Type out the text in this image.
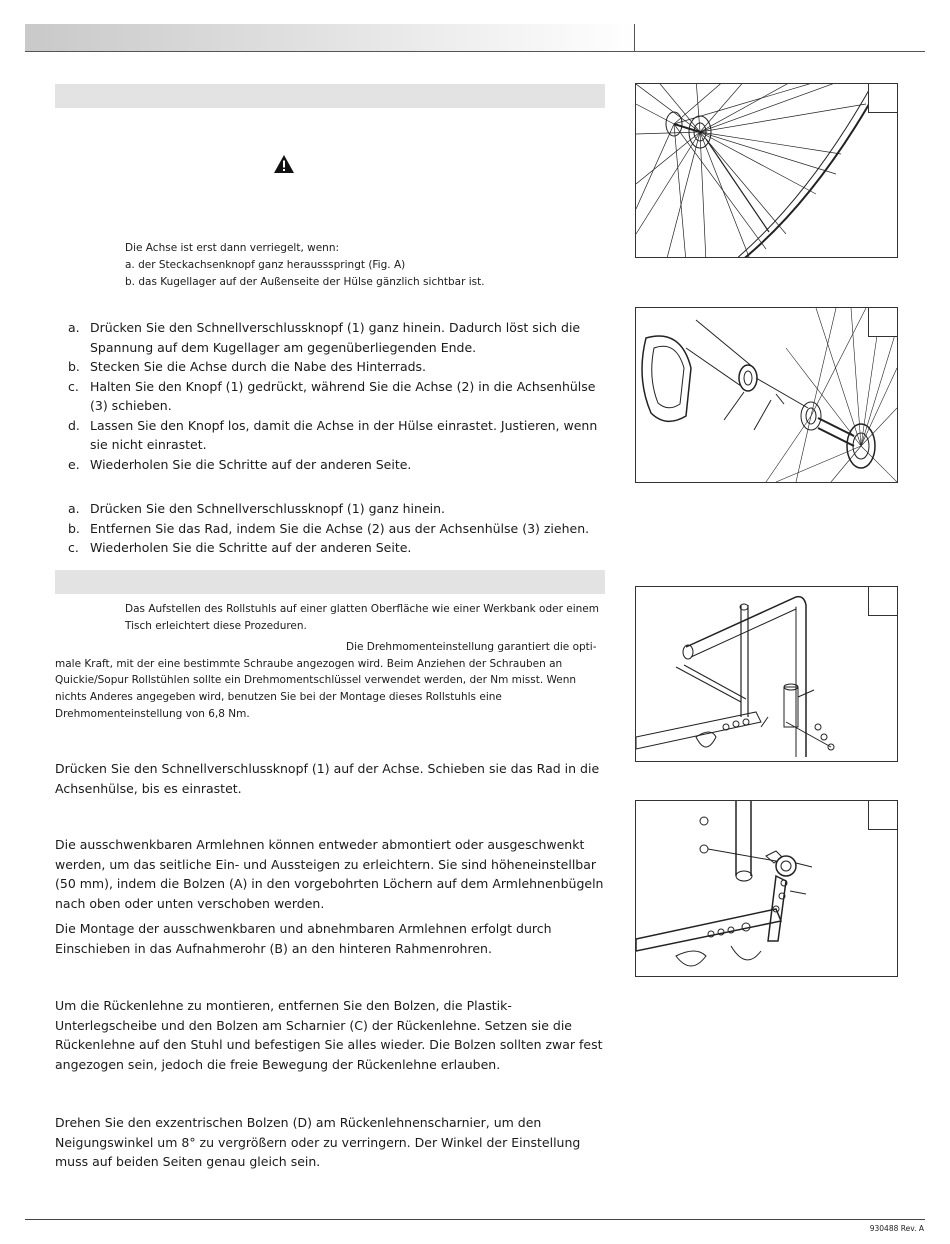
Die Achse ist erst dann verriegelt, wenn:

a. der Steckachsenknopf ganz heraussspringt (Fig. A)

b. das Kugellager auf der Außenseite der Hülse gänzlich sichtbar ist.

a. Drücken Sie den Schnellverschlussknopf (1) ganz hinein. Dadurch löst sich die Spannung auf dem Kugellager am gegenüberliegenden Ende.
b. Stecken Sie die Achse durch die Nabe des Hinterrads.
c. Halten Sie den Knopf (1) gedrückt, während Sie die Achse (2) in die Achsenhülse (3) schieben.
d. Lassen Sie den Knopf los, damit die Achse in der Hülse einrastet. Justieren, wenn sie nicht einrastet.
e. Wiederholen Sie die Schritte auf der anderen Seite.
a. Drücken Sie den Schnellverschlussknopf (1) ganz hinein.
b. Entfernen Sie das Rad, indem Sie die Achse (2) aus der Achsenhülse (3) ziehen.
c. Wiederholen Sie die Schritte auf der anderen Seite.

Das Aufstellen des Rollstuhls auf einer glatten Oberfläche wie einer Werkbank oder einem

Tisch erleichtert diese Prozeduren.

Die Drehmomenteinstellung garantiert die opti-

male Kraft, mit der eine bestimmte Schraube angezogen wird. Beim Anziehen der Schrauben an

Quickie/Sopur Rollstühlen sollte ein Drehmomentschlüssel verwendet werden, der Nm misst. Wenn

nichts Anderes angegeben wird, benutzen Sie bei der Montage dieses Rollstuhls eine

Drehmomenteinstellung von 6,8 Nm.

Drücken Sie den Schnellverschlussknopf (1) auf der Achse. Schieben sie das Rad in die Achsenhülse, bis es einrastet.

Die ausschwenkbaren Armlehnen können entweder abmontiert oder ausgeschwenkt werden, um das seitliche Ein- und Aussteigen zu erleichtern. Sie sind höheneinstellbar (50 mm), indem die Bolzen (A) in den vorgebohrten Löchern auf dem Armlehnenbügeln nach oben oder unten verschoben werden.

Die Montage der ausschwenkbaren und abnehmbaren Armlehnen erfolgt durch Einschieben in das Aufnahmerohr (B) an den hinteren Rahmenrohren.

Um die Rückenlehne zu montieren, entfernen Sie den Bolzen, die Plastik-Unterlegscheibe und den Bolzen am Scharnier (C) der Rückenlehne. Setzen sie die Rückenlehne auf den Stuhl und befestigen Sie alles wieder. Die Bolzen sollten zwar fest angezogen sein, jedoch die freie Bewegung der Rückenlehne erlauben.

Drehen Sie den exzentrischen Bolzen (D) am Rückenlehnenscharnier, um den Neigungswinkel um 8° zu vergrößern oder zu verringern. Der Winkel der Einstellung muss auf beiden Seiten genau gleich sein.

930488 Rev. A
